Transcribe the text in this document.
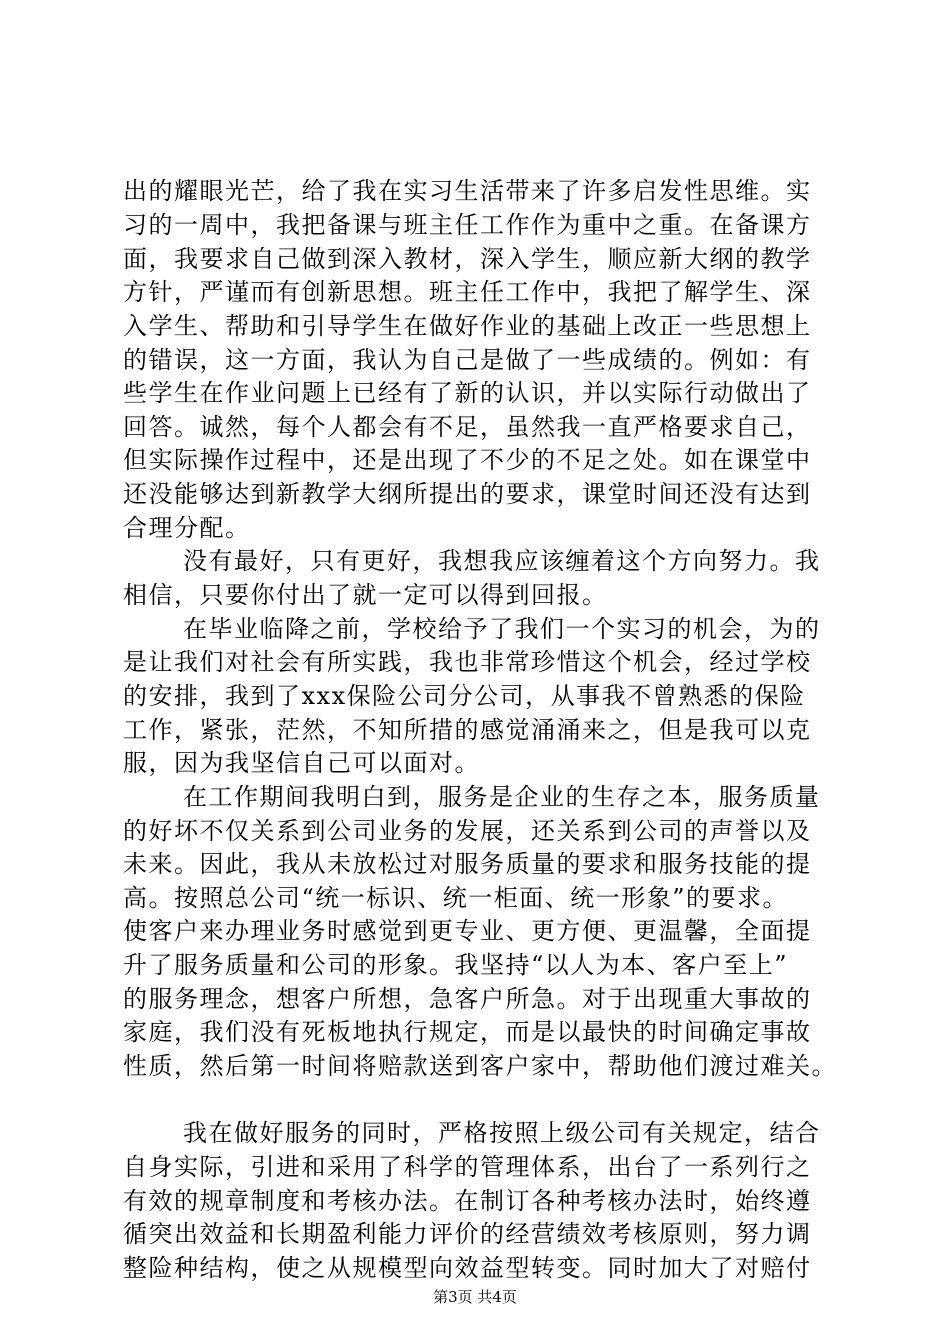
出的耀眼光芒，给了我在实习生活带来了许多启发性思维。实
习的一周中，我把备课与班主任工作作为重中之重。在备课方
面，我要求自己做到深入教材，深入学生，顺应新大纲的教学
方针，严谨而有创新思想。班主任工作中，我把了解学生、深
入学生、帮助和引导学生在做好作业的基础上改正一些思想上
的错误，这一方面，我认为自己是做了一些成绩的。例如：有
些学生在作业问题上已经有了新的认识，并以实际行动做出了
回答。诚然，每个人都会有不足，虽然我一直严格要求自己，
但实际操作过程中，还是出现了不少的不足之处。如在课堂中
还没能够达到新教学大纲所提出的要求，课堂时间还没有达到
合理分配。
没有最好，只有更好，我想我应该缠着这个方向努力。我
相信，只要你付出了就一定可以得到回报。
在毕业临降之前，学校给予了我们一个实习的机会，为的
是让我们对社会有所实践，我也非常珍惜这个机会，经过学校
的安排，我到了xxx保险公司分公司，从事我不曾熟悉的保险
工作，紧张，茫然，不知所措的感觉涌涌来之，但是我可以克
服，因为我坚信自己可以面对。
在工作期间我明白到，服务是企业的生存之本，服务质量
的好坏不仅关系到公司业务的发展，还关系到公司的声誉以及
未来。因此，我从未放松过对服务质量的要求和服务技能的提
高。按照总公司“统一标识、统一柜面、统一形象”的要求。
使客户来办理业务时感觉到更专业、更方便、更温馨，全面提
升了服务质量和公司的形象。我坚持“以人为本、客户至上”
的服务理念，想客户所想，急客户所急。对于出现重大事故的
家庭，我们没有死板地执行规定，而是以最快的时间确定事故
性质，然后第一时间将赔款送到客户家中，帮助他们渡过难关。
我在做好服务的同时，严格按照上级公司有关规定，结合
自身实际，引进和采用了科学的管理体系，出台了一系列行之
有效的规章制度和考核办法。在制订各种考核办法时，始终遵
循突出效益和长期盈利能力评价的经营绩效考核原则，努力调
整险种结构，使之从规模型向效益型转变。同时加大了对赔付
第3页 共4页
